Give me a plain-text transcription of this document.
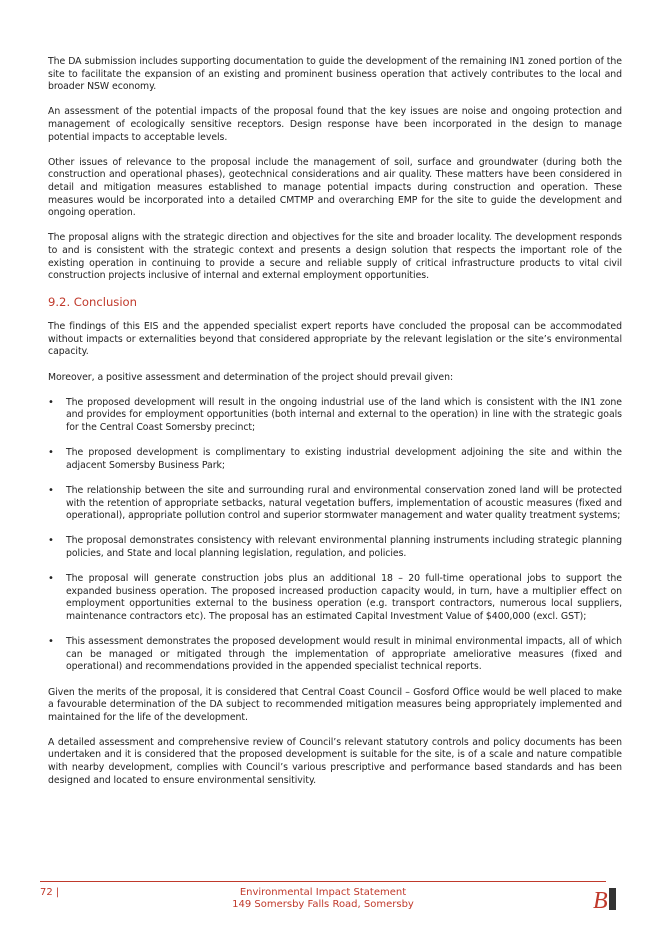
The DA submission includes supporting documentation to guide the development of the remaining IN1 zoned portion of the site to facilitate the expansion of an existing and prominent business operation that actively contributes to the local and broader NSW economy.

An assessment of the potential impacts of the proposal found that the key issues are noise and ongoing protection and management of ecologically sensitive receptors. Design response have been incorporated in the design to manage potential impacts to acceptable levels.

Other issues of relevance to the proposal include the management of soil, surface and groundwater (during both the construction and operational phases), geotechnical considerations and air quality. These matters have been considered in detail and mitigation measures established to manage potential impacts during construction and operation. These measures would be incorporated into a detailed CMTMP and overarching EMP for the site to guide the development and ongoing operation.

The proposal aligns with the strategic direction and objectives for the site and broader locality. The development responds to and is consistent with the strategic context and presents a design solution that respects the important role of the existing operation in continuing to provide a secure and reliable supply of critical infrastructure products to vital civil construction projects inclusive of internal and external employment opportunities.

9.2. Conclusion

The findings of this EIS and the appended specialist expert reports have concluded the proposal can be accommodated without impacts or externalities beyond that considered appropriate by the relevant legislation or the site’s environmental capacity.

Moreover, a positive assessment and determination of the project should prevail given:

• The proposed development will result in the ongoing industrial use of the land which is consistent with the IN1 zone and provides for employment opportunities (both internal and external to the operation) in line with the strategic goals for the Central Coast Somersby precinct;
• The proposed development is complimentary to existing industrial development adjoining the site and within the adjacent Somersby Business Park;
• The relationship between the site and surrounding rural and environmental conservation zoned land will be protected with the retention of appropriate setbacks, natural vegetation buffers, implementation of acoustic measures (fixed and operational), appropriate pollution control and superior stormwater management and water quality treatment systems;
• The proposal demonstrates consistency with relevant environmental planning instruments including strategic planning policies, and State and local planning legislation, regulation, and policies.
• The proposal will generate construction jobs plus an additional 18 – 20 full-time operational jobs to support the expanded business operation. The proposed increased production capacity would, in turn, have a multiplier effect on employment opportunities external to the business operation (e.g. transport contractors, numerous local suppliers, maintenance contractors etc). The proposal has an estimated Capital Investment Value of $400,000 (excl. GST);
• This assessment demonstrates the proposed development would result in minimal environmental impacts, all of which can be managed or mitigated through the implementation of appropriate ameliorative measures (fixed and operational) and recommendations provided in the appended specialist technical reports.

Given the merits of the proposal, it is considered that Central Coast Council – Gosford Office would be well placed to make a favourable determination of the DA subject to recommended mitigation measures being appropriately implemented and maintained for the life of the development.

A detailed assessment and comprehensive review of Council’s relevant statutory controls and policy documents has been undertaken and it is considered that the proposed development is suitable for the site, is of a scale and nature compatible with nearby development, complies with Council’s various prescriptive and performance based standards and has been designed and located to ensure environmental sensitivity.

72 |	Environmental Impact Statement
149 Somersby Falls Road, Somersby	B W
